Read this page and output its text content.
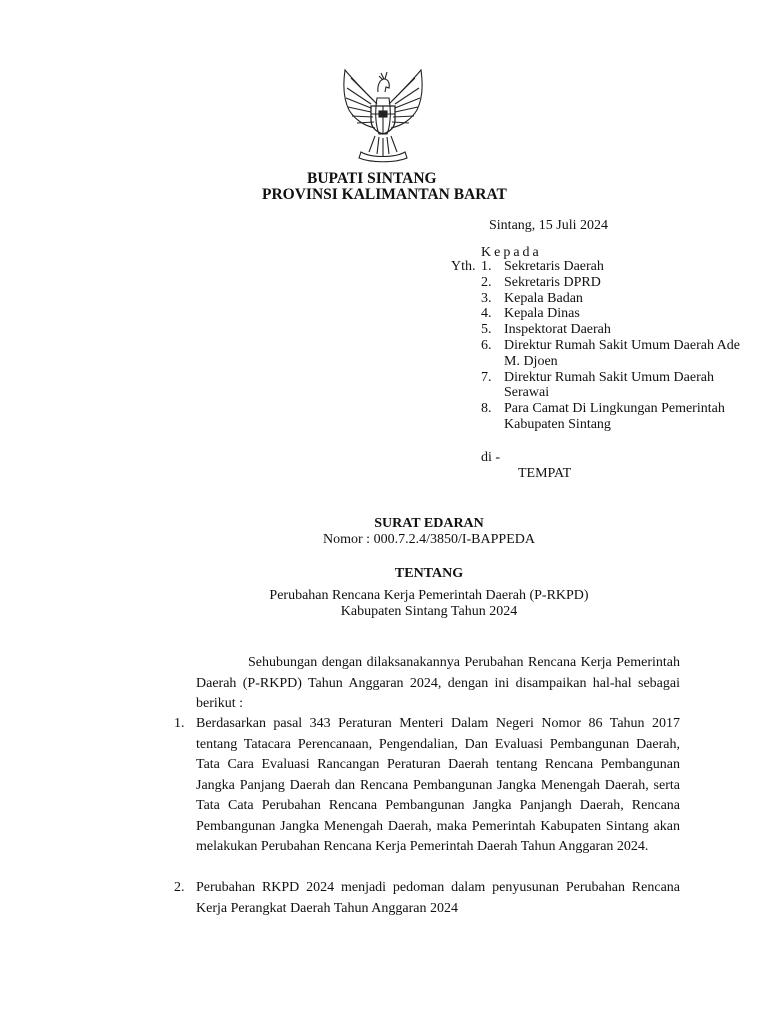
BUPATI SINTANG
PROVINSI KALIMANTAN BARAT
Sintang, 15 Juli 2024
Kepada
Yth. 1. Sekretaris Daerah
2. Sekretaris DPRD
3. Kepala Badan
4. Kepala Dinas
5. Inspektorat Daerah
6. Direktur Rumah Sakit Umum Daerah Ade M. Djoen
7. Direktur Rumah Sakit Umum Daerah Serawai
8. Para Camat Di Lingkungan Pemerintah Kabupaten Sintang
di -
TEMPAT
SURAT EDARAN
Nomor : 000.7.2.4/3850/I-BAPPEDA
TENTANG
Perubahan Rencana Kerja Pemerintah Daerah (P-RKPD)
Kabupaten Sintang Tahun 2024
Sehubungan dengan dilaksanakannya Perubahan Rencana Kerja Pemerintah Daerah (P-RKPD) Tahun Anggaran 2024, dengan ini disampaikan hal-hal sebagai berikut :
1. Berdasarkan pasal 343 Peraturan Menteri Dalam Negeri Nomor 86 Tahun 2017 tentang Tatacara Perencanaan, Pengendalian, Dan Evaluasi Pembangunan Daerah, Tata Cara Evaluasi Rancangan Peraturan Daerah tentang Rencana Pembangunan Jangka Panjang Daerah dan Rencana Pembangunan Jangka Menengah Daerah, serta Tata Cata Perubahan Rencana Pembangunan Jangka Panjangh Daerah, Rencana Pembangunan Jangka Menengah Daerah, maka Pemerintah Kabupaten Sintang akan melakukan Perubahan Rencana Kerja Pemerintah Daerah Tahun Anggaran 2024.
2. Perubahan RKPD 2024 menjadi pedoman dalam penyusunan Perubahan Rencana Kerja Perangkat Daerah Tahun Anggaran 2024
